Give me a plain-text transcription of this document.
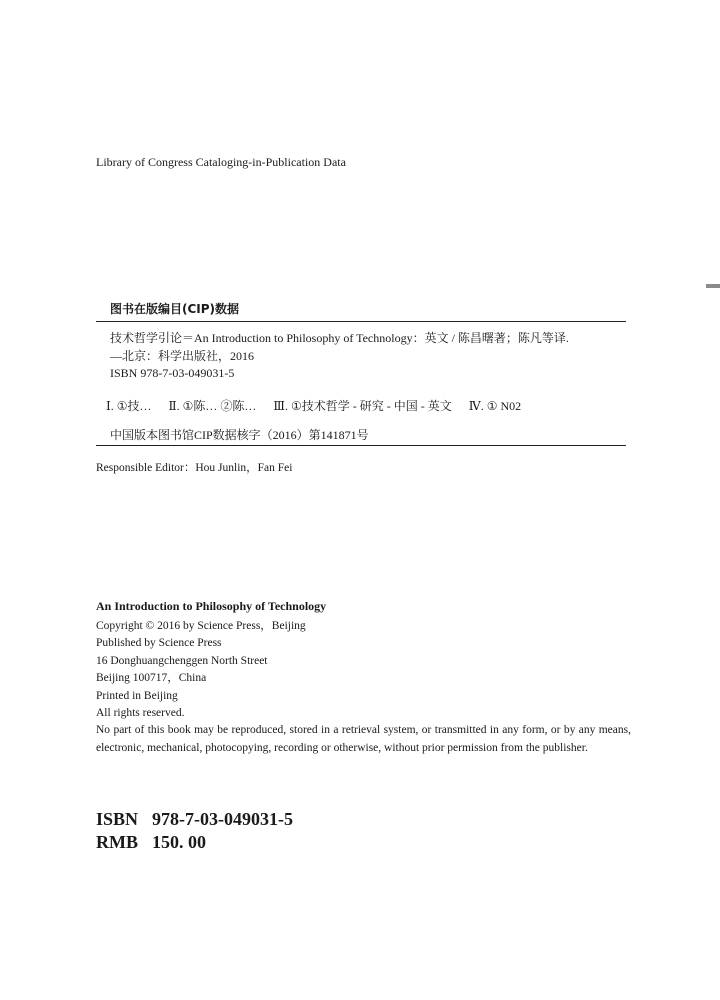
Library of Congress Cataloging-in-Publication Data
图书在版编目(CIP)数据
技术哲学引论＝An Introduction to Philosophy of Technology：英文 / 陈昌曙著；陈凡等译.
—北京：科学出版社，2016
ISBN 978-7-03-049031-5
Ⅰ. ①技… Ⅱ. ①陈… ②陈… Ⅲ. ①技术哲学 - 研究 - 中国 - 英文 Ⅳ. ① N02
中国版本图书馆CIP数据核字（2016）第141871号
Responsible Editor：Hou Junlin，Fan Fei
An Introduction to Philosophy of Technology
Copyright © 2016 by Science Press，Beijing
Published by Science Press
16 Donghuangchenggen North Street
Beijing 100717，China
Printed in Beijing
All rights reserved.
No part of this book may be reproduced, stored in a retrieval system, or transmitted in any form, or by any means, electronic, mechanical, photocopying, recording or otherwise, without prior permission from the publisher.
ISBN 978-7-03-049031-5
RMB 150. 00
